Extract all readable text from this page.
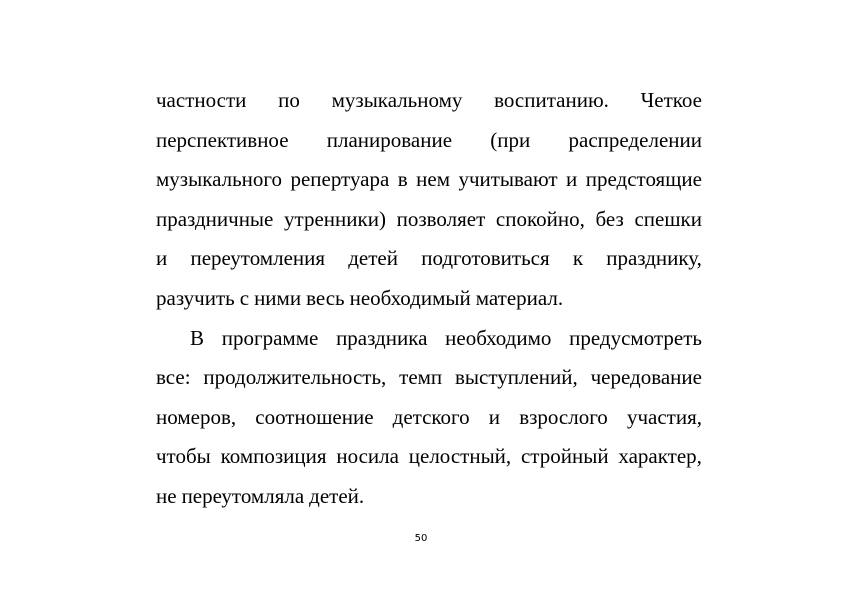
частности по музыкальному воспитанию. Четкое
перспективное планирование (при распределении
музыкального репертуара в нем учитывают и предстоящие
праздничные утренники) позволяет спокойно, без спешки
и переутомления детей подготовиться к празднику,
разучить с ними весь необходимый материал.
В программе праздника необходимо предусмотреть
все: продолжительность, темп выступлений, чередование
номеров, соотношение детского и взрослого участия,
чтобы композиция носила целостный, стройный характер,
не переутомляла детей.
50
